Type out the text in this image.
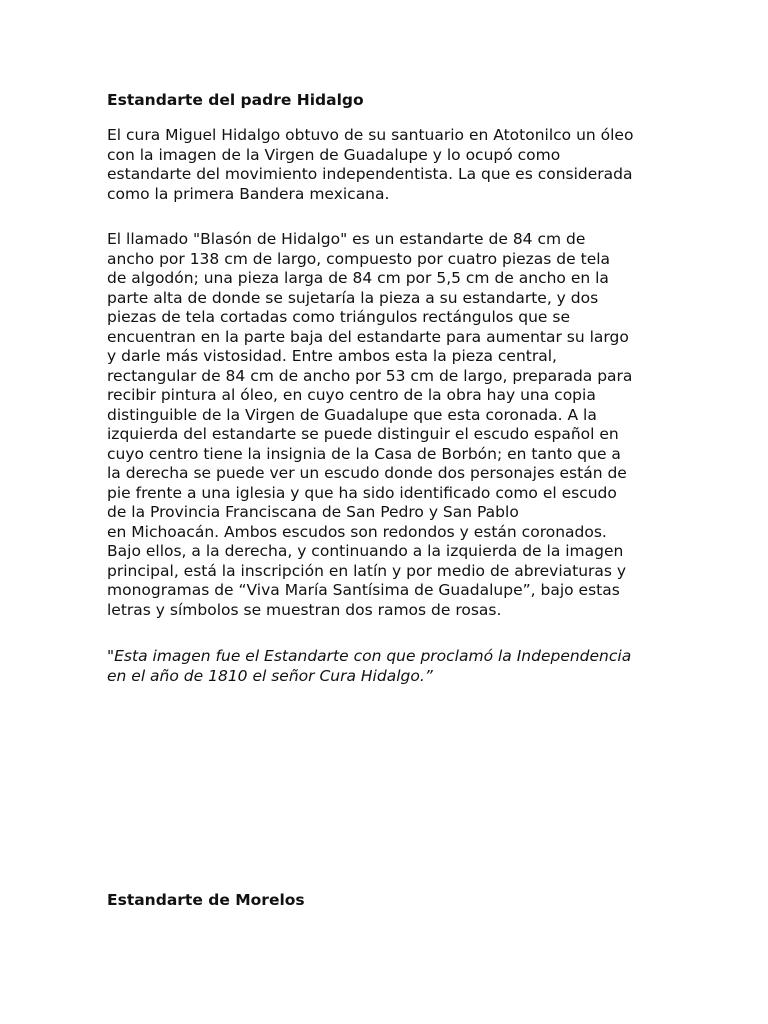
Estandarte del padre Hidalgo

El cura Miguel Hidalgo obtuvo de su santuario en Atotonilco un óleo
con la imagen de la Virgen de Guadalupe y lo ocupó como
estandarte del movimiento independentista. La que es considerada
como la primera Bandera mexicana.

El llamado "Blasón de Hidalgo" es un estandarte de 84 cm de
ancho por 138 cm de largo, compuesto por cuatro piezas de tela
de algodón; una pieza larga de 84 cm por 5,5 cm de ancho en la
parte alta de donde se sujetaría la pieza a su estandarte, y dos
piezas de tela cortadas como triángulos rectángulos que se
encuentran en la parte baja del estandarte para aumentar su largo
y darle más vistosidad. Entre ambos esta la pieza central,
rectangular de 84 cm de ancho por 53 cm de largo, preparada para
recibir pintura al óleo, en cuyo centro de la obra hay una copia
distinguible de la Virgen de Guadalupe que esta coronada. A la
izquierda del estandarte se puede distinguir el escudo español en
cuyo centro tiene la insignia de la Casa de Borbón; en tanto que a
la derecha se puede ver un escudo donde dos personajes están de
pie frente a una iglesia y que ha sido identificado como el escudo
de la Provincia Franciscana de San Pedro y San Pablo
en Michoacán. Ambos escudos son redondos y están coronados.
Bajo ellos, a la derecha, y continuando a la izquierda de la imagen
principal, está la inscripción en latín y por medio de abreviaturas y
monogramas de “Viva María Santísima de Guadalupe”, bajo estas
letras y símbolos se muestran dos ramos de rosas.

"Esta imagen fue el Estandarte con que proclamó la Independencia
en el año de 1810 el señor Cura Hidalgo.”

Estandarte de Morelos
